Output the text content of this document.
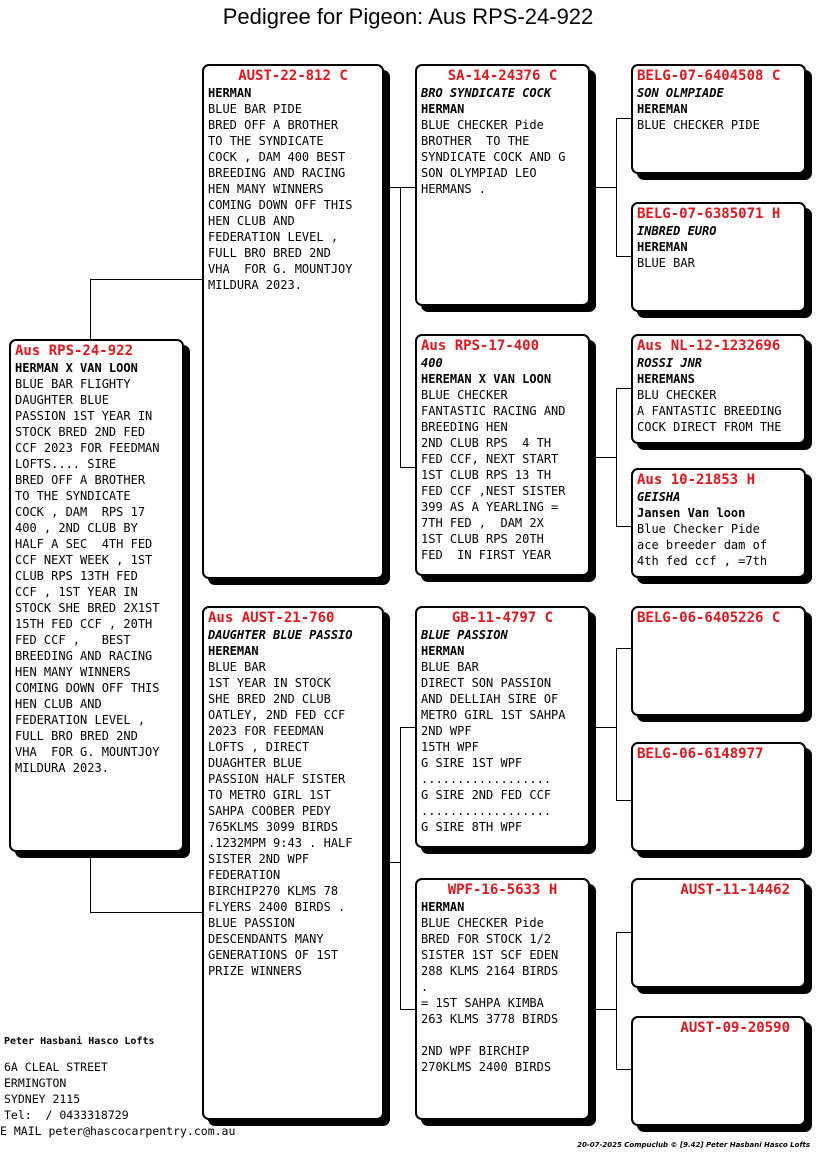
Pedigree for Pigeon: Aus RPS-24-922
Aus RPS-24-922
HERMAN X VAN LOON
BLUE BAR FLIGHTY
DAUGHTER BLUE
PASSION 1ST YEAR IN
STOCK BRED 2ND FED
CCF 2023 FOR FEEDMAN
LOFTS.... SIRE
BRED OFF A BROTHER
TO THE SYNDICATE
COCK , DAM  RPS 17
400 , 2ND CLUB BY
HALF A SEC  4TH FED
CCF NEXT WEEK , 1ST
CLUB RPS 13TH FED
CCF , 1ST YEAR IN
STOCK SHE BRED 2X1ST
15TH FED CCF , 20TH
FED CCF ,   BEST
BREEDING AND RACING
HEN MANY WINNERS
COMING DOWN OFF THIS
HEN CLUB AND
FEDERATION LEVEL ,
FULL BRO BRED 2ND
VHA  FOR G. MOUNTJOY
MILDURA 2023.
AUST-22-812 C
HERMAN
BLUE BAR PIDE
BRED OFF A BROTHER
TO THE SYNDICATE
COCK , DAM 400 BEST
BREEDING AND RACING
HEN MANY WINNERS
COMING DOWN OFF THIS
HEN CLUB AND
FEDERATION LEVEL ,
FULL BRO BRED 2ND
VHA  FOR G. MOUNTJOY
MILDURA 2023.
Aus AUST-21-760
DAUGHTER BLUE PASSIO
HEREMAN
BLUE BAR
1ST YEAR IN STOCK
SHE BRED 2ND CLUB
OATLEY, 2ND FED CCF
2023 FOR FEEDMAN
LOFTS , DIRECT
DUAGHTER BLUE
PASSION HALF SISTER
TO METRO GIRL 1ST
SAHPA COOBER PEDY
765KLMS 3099 BIRDS
.1232MPM 9:43 . HALF
SISTER 2ND WPF
FEDERATION
BIRCHIP270 KLMS 78
FLYERS 2400 BIRDS .
BLUE PASSION
DESCENDANTS MANY
GENERATIONS OF 1ST
PRIZE WINNERS
SA-14-24376 C
BRO SYNDICATE COCK
HERMAN
BLUE CHECKER Pide
BROTHER  TO THE
SYNDICATE COCK AND G
SON OLYMPIAD LEO
HERMANS .
Aus RPS-17-400
400
HEREMAN X VAN LOON
BLUE CHECKER
FANTASTIC RACING AND
BREEDING HEN
2ND CLUB RPS  4 TH
FED CCF, NEXT START
1ST CLUB RPS 13 TH
FED CCF ,NEST SISTER
399 AS A YEARLING =
7TH FED ,  DAM 2X
1ST CLUB RPS 20TH
FED  IN FIRST YEAR
GB-11-4797 C
BLUE PASSION
HERMAN
BLUE BAR
DIRECT SON PASSION
AND DELLIAH SIRE OF
METRO GIRL 1ST SAHPA
2ND WPF
15TH WPF
G SIRE 1ST WPF
..................
G SIRE 2ND FED CCF
..................
G SIRE 8TH WPF
WPF-16-5633 H
HERMAN
BLUE CHECKER Pide
BRED FOR STOCK 1/2
SISTER 1ST SCF EDEN
288 KLMS 2164 BIRDS
.
= 1ST SAHPA KIMBA
263 KLMS 3778 BIRDS

2ND WPF BIRCHIP
270KLMS 2400 BIRDS
BELG-07-6404508 C
SON OLMPIADE
HEREMAN
BLUE CHECKER PIDE
BELG-07-6385071 H
INBRED EURO
HEREMAN
BLUE BAR
Aus NL-12-1232696
ROSSI JNR
HEREMANS
BLU CHECKER
A FANTASTIC BREEDING
COCK DIRECT FROM THE
Aus 10-21853 H
GEISHA
Jansen Van loon
Blue Checker Pide
ace breeder dam of
4th fed ccf , =7th
BELG-06-6405226 C
BELG-06-6148977
AUST-11-14462
AUST-09-20590
Peter Hasbani Hasco Lofts
6A CLEAL STREET
ERMINGTON
SYDNEY 2115
Tel:  / 0433318729
E MAIL peter@hascocarpentry.com.au
20-07-2025 Compuclub © [9.42] Peter Hasbani Hasco Lofts
